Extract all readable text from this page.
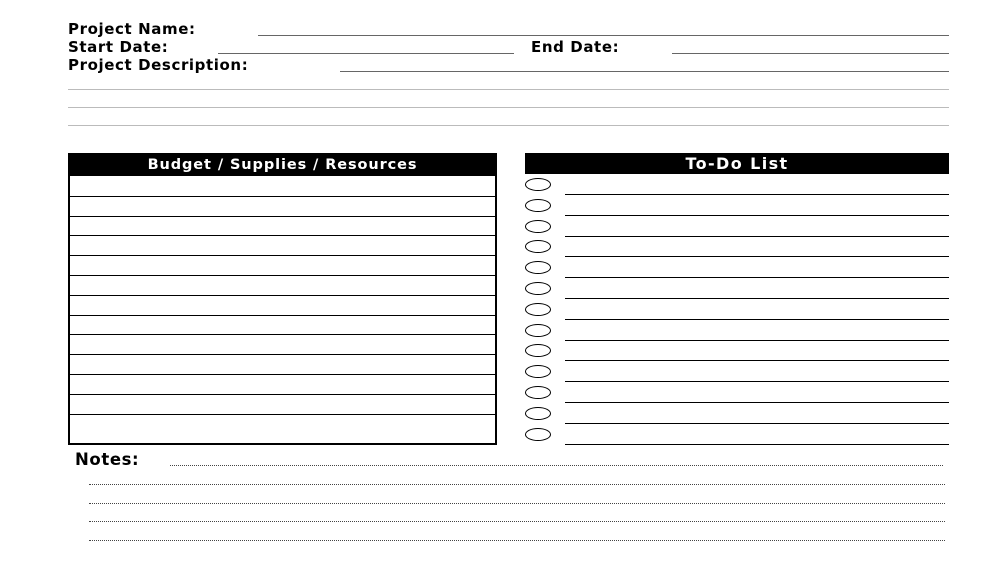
Project Name:
Start Date:	End Date:
Project Description:
Budget / Supplies / Resources	To-Do List
Notes:
